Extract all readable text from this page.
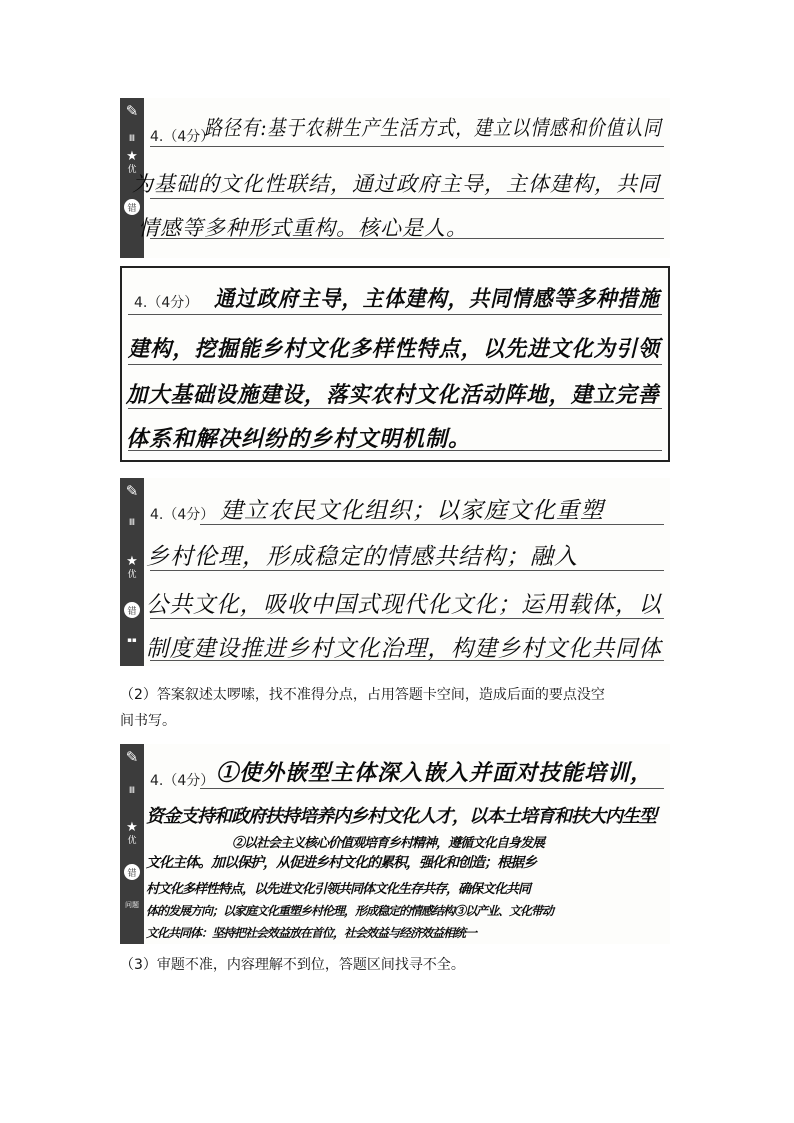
✎
Ⅲ
★
优
错
4.（4分）
路径有:基于农耕生产生活方式，建立以情感和价值认同
为基础的文化性联结，通过政府主导，主体建构，共同
情感等多种形式重构。核心是人。
4.（4分） 通过政府主导，主体建构，共同情感等多种措施
建构，挖掘能乡村文化多样性特点，以先进文化为引领
加大基础设施建设，落实农村文化活动阵地，建立完善
体系和解决纠纷的乡村文明机制。
✎
Ⅲ
★
优
错
▪▪
4.（4分） 建立农民文化组织；以家庭文化重塑
乡村伦理，形成稳定的情感共结构；融入
公共文化，吸收中国式现代化文化；运用载体，以
制度建设推进乡村文化治理，构建乡村文化共同体
（2）答案叙述太啰嗦，找不准得分点，占用答题卡空间，造成后面的要点没空
间书写。
✎
Ⅲ
★
优
错
问题
4.（4分） ①使外嵌型主体深入嵌入并面对技能培训，
资金支持和政府扶持培养内乡村文化人才，以本土培育和扶大内生型
②以社会主义核心价值观培育乡村精神，遵循文化自身发展
文化主体。加以保护，从促进乡村文化的累积，强化和创造；根据乡
村文化多样性特点，以先进文化引领共同体文化生存共存，确保文化共同
体的发展方向；以家庭文化重塑乡村伦理，形成稳定的情感结构③以产业、文化带动
文化共同体：坚持把社会效益放在首位，社会效益与经济效益相统一
（3）审题不准，内容理解不到位，答题区间找寻不全。
